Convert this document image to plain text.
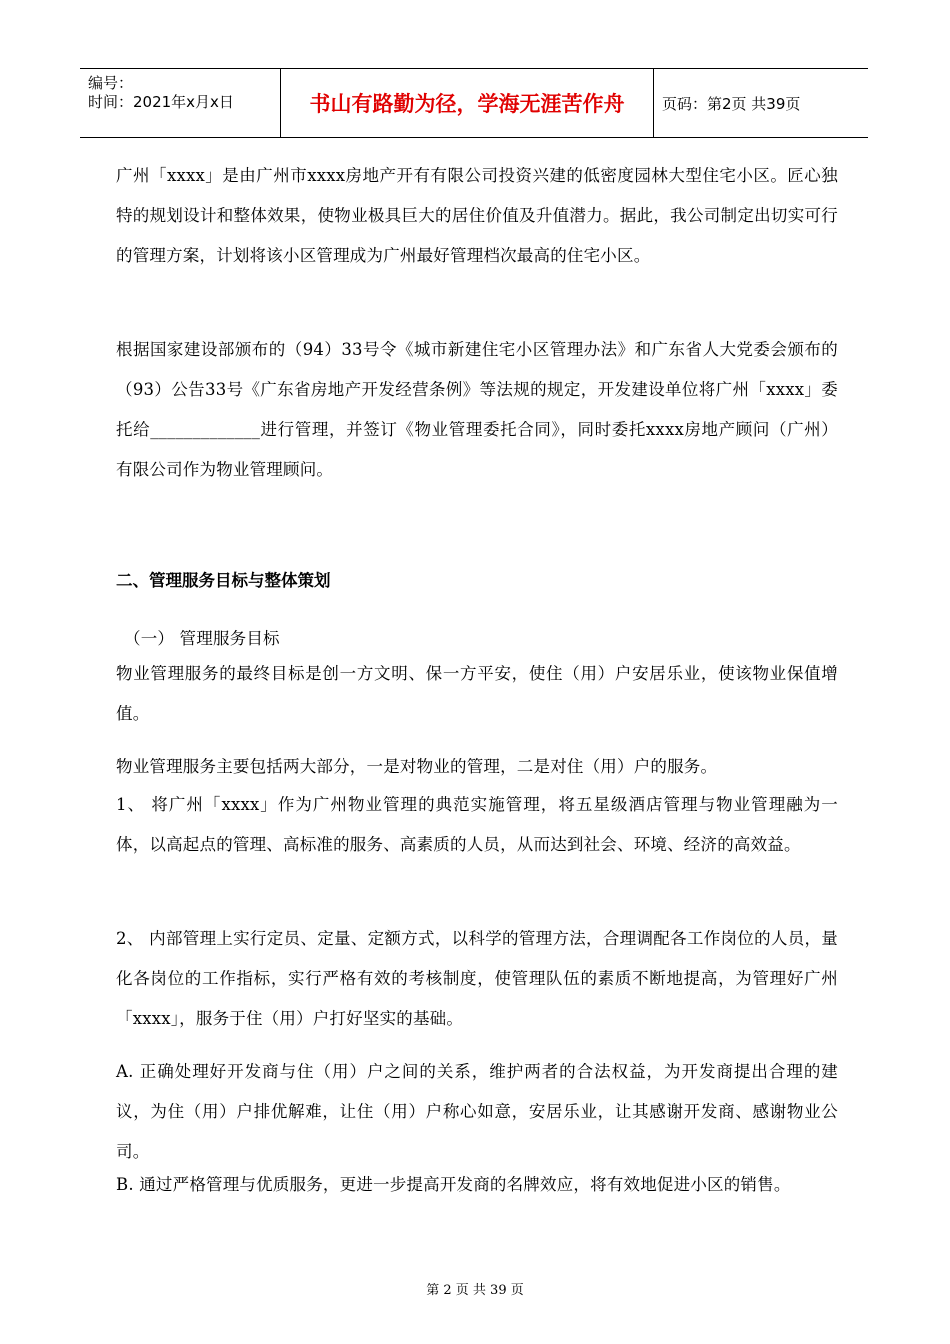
编号：
时间：2021年x月x日	书山有路勤为径，学海无涯苦作舟	页码：第2页 共39页
广州「xxxx」是由广州市xxxx房地产开有有限公司投资兴建的低密度园林大型住宅小区。匠心独特的规划设计和整体效果，使物业极具巨大的居住价值及升值潜力。据此，我公司制定出切实可行的管理方案，计划将该小区管理成为广州最好管理档次最高的住宅小区。
根据国家建设部颁布的（94）33号令《城市新建住宅小区管理办法》和广东省人大党委会颁布的（93）公告33号《广东省房地产开发经营条例》等法规的规定，开发建设单位将广州「xxxx」委托给_____________进行管理，并签订《物业管理委托合同》，同时委托xxxx房地产顾问（广州）有限公司作为物业管理顾问。
二、管理服务目标与整体策划
（一） 管理服务目标
物业管理服务的最终目标是创一方文明、保一方平安，使住（用）户安居乐业，使该物业保值增值。
物业管理服务主要包括两大部分，一是对物业的管理，二是对住（用）户的服务。
1、 将广州「xxxx」作为广州物业管理的典范实施管理，将五星级酒店管理与物业管理融为一体，以高起点的管理、高标准的服务、高素质的人员，从而达到社会、环境、经济的高效益。
2、 内部管理上实行定员、定量、定额方式，以科学的管理方法，合理调配各工作岗位的人员，量化各岗位的工作指标，实行严格有效的考核制度，使管理队伍的素质不断地提高，为管理好广州「xxxx」，服务于住（用）户打好坚实的基础。
A. 正确处理好开发商与住（用）户之间的关系，维护两者的合法权益，为开发商提出合理的建议，为住（用）户排优解难，让住（用）户称心如意，安居乐业，让其感谢开发商、感谢物业公司。
B. 通过严格管理与优质服务，更进一步提高开发商的名牌效应，将有效地促进小区的销售。
第 2 页 共 39 页
